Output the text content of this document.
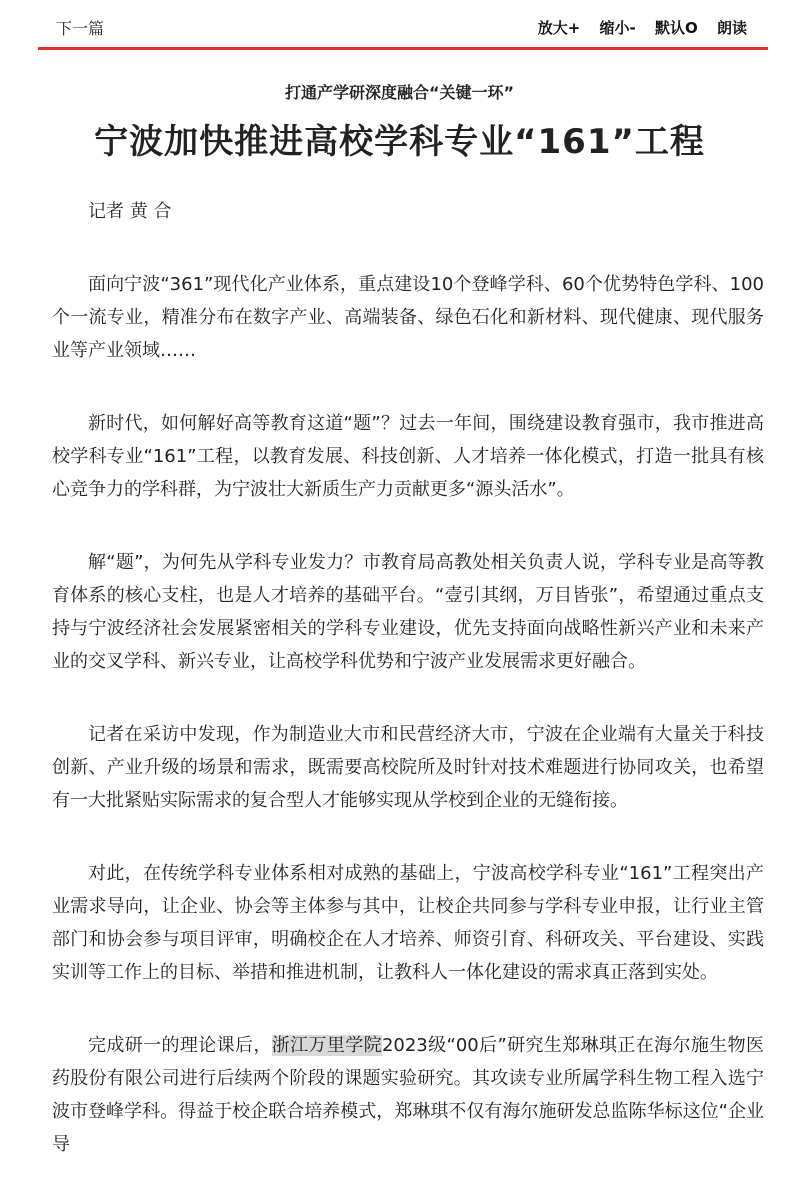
下一篇	放大+ 缩小- 默认O 朗读
打通产学研深度融合“关键一环”
宁波加快推进高校学科专业“161”工程

记者 黄 合

面向宁波“361”现代化产业体系，重点建设10个登峰学科、60个优势特色学科、100个一流专业，精准分布在数字产业、高端装备、绿色石化和新材料、现代健康、现代服务业等产业领域……

新时代，如何解好高等教育这道“题”？过去一年间，围绕建设教育强市，我市推进高校学科专业“161”工程，以教育发展、科技创新、人才培养一体化模式，打造一批具有核心竞争力的学科群，为宁波壮大新质生产力贡献更多“源头活水”。

解“题”，为何先从学科专业发力？市教育局高教处相关负责人说，学科专业是高等教育体系的核心支柱，也是人才培养的基础平台。“壹引其纲，万目皆张”，希望通过重点支持与宁波经济社会发展紧密相关的学科专业建设，优先支持面向战略性新兴产业和未来产业的交叉学科、新兴专业，让高校学科优势和宁波产业发展需求更好融合。

记者在采访中发现，作为制造业大市和民营经济大市，宁波在企业端有大量关于科技创新、产业升级的场景和需求，既需要高校院所及时针对技术难题进行协同攻关，也希望有一大批紧贴实际需求的复合型人才能够实现从学校到企业的无缝衔接。

对此，在传统学科专业体系相对成熟的基础上，宁波高校学科专业“161”工程突出产业需求导向，让企业、协会等主体参与其中，让校企共同参与学科专业申报，让行业主管部门和协会参与项目评审，明确校企在人才培养、师资引育、科研攻关、平台建设、实践实训等工作上的目标、举措和推进机制，让教科人一体化建设的需求真正落到实处。

完成研一的理论课后，浙江万里学院2023级“00后”研究生郑琳琪正在海尔施生物医药股份有限公司进行后续两个阶段的课题实验研究。其攻读专业所属学科生物工程入选宁波市登峰学科。得益于校企联合培养模式，郑琳琪不仅有海尔施研发总监陈华标这位“企业导
